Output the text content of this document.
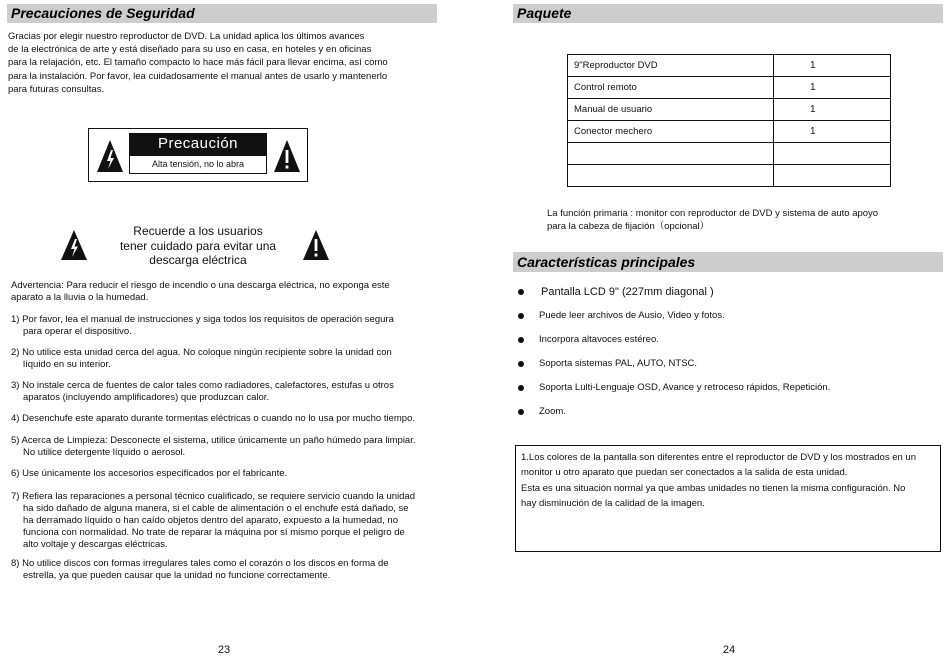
Precauciones de Seguridad
Gracias por elegir nuestro reproductor de DVD. La unidad aplica los últimos avances
de la electrónica de arte y está diseñado para su uso en casa, en hoteles y en oficinas
para la relajación, etc. El tamaño compacto lo hace más fácil para llevar encima, así como
para la instalación. Por favor, lea cuidadosamente el manual antes de usarlo y mantenerlo
para futuras consultas.
Precaución
Alta tensión, no lo abra
Recuerde a los usuarios
tener cuidado para evitar una
descarga eléctrica
Advertencia: Para reducir el riesgo de incendio o una descarga eléctrica, no exponga este
aparato a la lluvia o la humedad.
1) Por favor, lea el manual de instrucciones y siga todos los requisitos de operación segura
para operar el dispositivo.
2) No utilice esta unidad cerca del agua. No coloque ningún recipiente sobre la unidad con
líquido en su interior.
3) No instale cerca de fuentes de calor tales como radiadores, calefactores, estufas u otros
aparatos (incluyendo amplificadores) que produzcan calor.
4) Desenchufe este aparato durante tormentas eléctricas o cuando no lo usa por mucho tiempo.
5) Acerca de Limpieza: Desconecte el sistema, utilice únicamente un paño húmedo para limpiar.
No utilice detergente líquido o aerosol.
6) Use únicamente los accesorios especificados por el fabricante.
7) Refiera las reparaciones a personal técnico cualificado, se requiere servicio cuando la unidad
ha sido dañado de alguna manera, si el cable de alimentación o el enchufe está dañado, se
ha derramado líquido o han caído objetos dentro del aparato, expuesto a la humedad, no
funciona con normalidad. No trate de reparar la máquina por sí mismo porque el peligro de
alto voltaje y descargas eléctricas.
8) No utilice discos con formas irregulares tales como el corazón o los discos en forma de
estrella, ya que pueden causar que la unidad no funcione correctamente.
23
Paquete
9"Reproductor DVD	1
Control remoto	1
Manual de usuario	1
Conector mechero	1

La función primaria : monitor con reproductor de DVD y sistema de auto apoyo
para la cabeza de fijación（opcional）
Características principales
Pantalla LCD 9" (227mm diagonal )
Puede leer archivos de Ausio, Video y fotos.
Incorpora altavoces estéreo.
Soporta sistemas PAL, AUTO, NTSC.
Soporta Lulti-Lenguaje OSD, Avance y retroceso rápidos, Repetición.
Zoom.
1.Los colores de la pantalla son diferentes entre el reproductor de DVD y los mostrados en un
monitor u otro aparato que puedan ser conectados a la salida de esta unidad.
Esta es una situación normal ya que ambas unidades no tienen la misma configuración. No
hay disminución de la calidad de la imagen.
24
